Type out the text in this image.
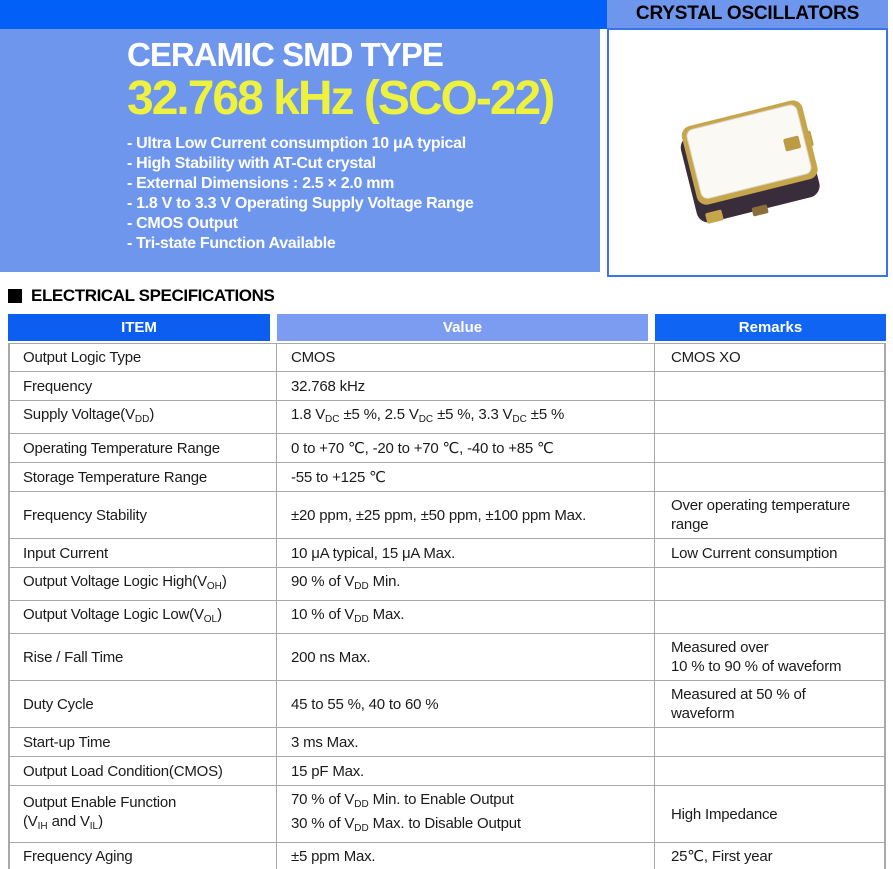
CRYSTAL OSCILLATORS
CERAMIC SMD TYPE
32.768 kHz (SCO-22)
- Ultra Low Current consumption 10 μA typical
- High Stability with AT-Cut crystal
- External Dimensions : 2.5 × 2.0 mm
- 1.8 V to 3.3 V Operating Supply Voltage Range
- CMOS Output
- Tri-state Function Available
ELECTRICAL SPECIFICATIONS
ITEM	Value	Remarks
Output Logic Type	CMOS	CMOS XO
Frequency	32.768 kHz	
Supply $Voltage(V_{DD})$	1.8 $V_{DC} \pm 5$ %, 2.5 $V_{DC} \pm 5$ %, 3.3 $V_{DC} \pm 5$ %	
Operating Temperature Range	0 to +70 ℃, -20 to +70 ℃, -40 to +85 ℃	
Storage Temperature Range	-55 to +125 ℃	
Frequency Stability	±20 ppm, ±25 ppm, ±50 ppm, ±100 ppm Max.	Over operating temperature
range
Input Current	10 μA typical, 15 μA Max.	Low Current consumption
Output Voltage Logic $High(V_{OH})$	90 % of $V_{DD}$ Min.	
Output Voltage Logic $Low(V_{OL})$	10 % of $V_{DD}$ Max.	
Rise / Fall Time	200 ns Max.	Measured over
10 % to 90 % of waveform
Duty Cycle	45 to 55 %, 40 to 60 %	Measured at 50 % of
waveform
Start-up Time	3 ms Max.	
Output Load Condition(CMOS)	15 pF Max.	
Output Enable Function
($V_{IH}$ and $V_{IL}$)	70 % of $V_{DD}$ Min. to Enable Output
30 % of $V_{DD}$ Max. to Disable Output	High Impedance
Frequency Aging	±5 ppm Max.	25℃, First year
